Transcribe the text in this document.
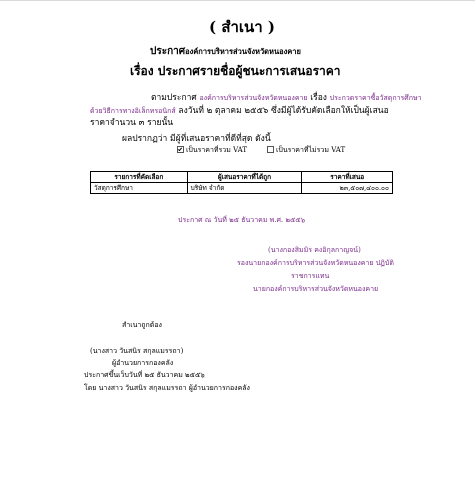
( สำเนา )
ประกาศองค์การบริหารส่วนจังหวัดหนองคาย
เรื่อง ประกาศรายชื่อผู้ชนะการเสนอราคา
ตามประกาศ องค์การบริหารส่วนจังหวัดหนองคาย เรื่อง ประกวดราคาซื้อวัสดุการศึกษา
ด้วยวิธีการทางอิเล็กทรอนิกส์ ลงวันที่ ๒ ตุลาคม ๒๕๕๖ ซึ่งมีผู้ได้รับคัดเลือกให้เป็นผู้เสนอ
ราคาจำนวน ๓ รายนั้น
ผลปรากฏว่า มีผู้ที่เสนอราคาที่ดีที่สุด ดังนี้
เป็นราคาที่รวม VAT	เป็นราคาที่ไม่รวม VAT
รายการที่คัดเลือก	ผู้เสนอราคาที่ได้ถูก	ราคาที่เสนอ
วัสดุการศึกษา	บริษัท จำกัด	๒๓,๕๐๗,๔๐๐.๐๐
ประกาศ ณ วันที่ ๒๕ ธันวาคม พ.ศ. ๒๕๕๖
(นางกองสิมมิร คงอิกุลกาญจน์)
รองนายกองค์การบริหารส่วนจังหวัดหนองคาย ปฏิบัติ
ราชการแทน
นายกองค์การบริหารส่วนจังหวัดหนองคาย
สำเนาถูกต้อง
(นางสาว วันสนิร สกุลแมรรถา)
ผู้อำนวยการกองคลัง
ประกาศขึ้นเว็บวันที่ ๒๕ ธันวาคม ๒๕๕๖
โดย นางสาว วันสนิร สกุลแมรรถา ผู้อำนวยการกองคลัง
